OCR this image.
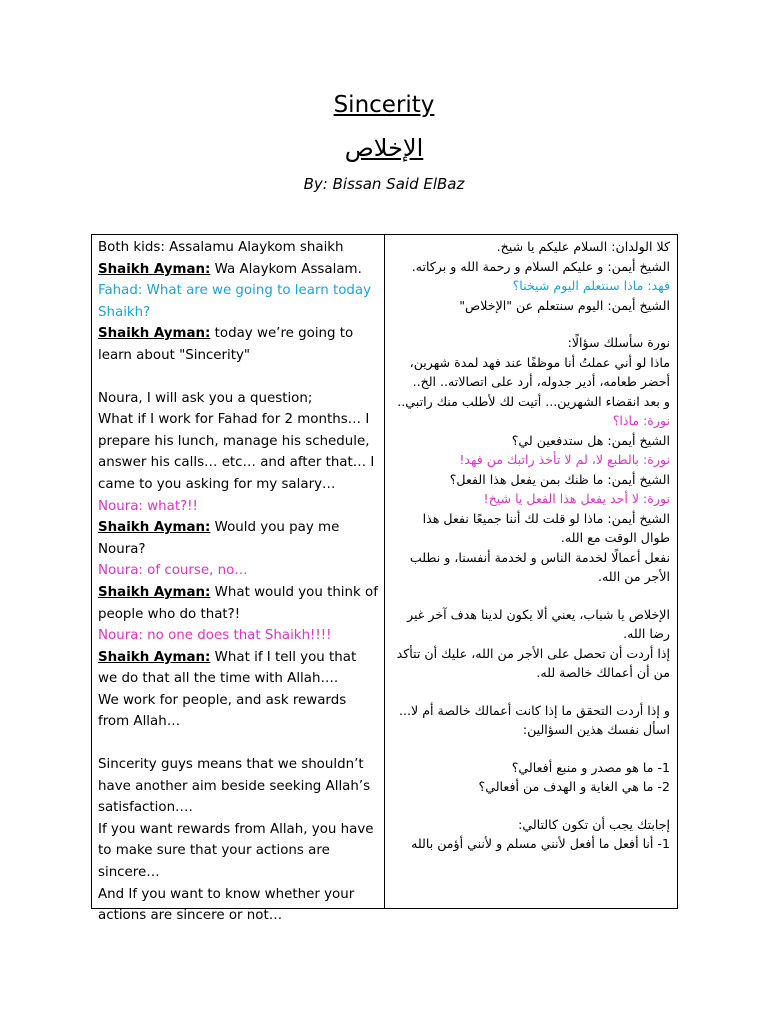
Sincerity
الإخلاص
By: Bissan Said ElBaz
Both kids: Assalamu Alaykom shaikh
Shaikh Ayman: Wa Alaykom Assalam.
Fahad: What are we going to learn today Shaikh?
Shaikh Ayman: today we’re going to learn about "Sincerity"
Noura, I will ask you a question;
What if I work for Fahad for 2 months… I prepare his lunch, manage his schedule, answer his calls… etc… and after that… I came to you asking for my salary…
Noura: what?!!
Shaikh Ayman: Would you pay me Noura?
Noura: of course, no…
Shaikh Ayman: What would you think of people who do that?!
Noura: no one does that Shaikh!!!!
Shaikh Ayman: What if I tell you that we do that all the time with Allah….
We work for people, and ask rewards from Allah…
Sincerity guys means that we shouldn’t have another aim beside seeking Allah’s satisfaction….
If you want rewards from Allah, you have to make sure that your actions are sincere…
And If you want to know whether your actions are sincere or not…
كلا الولدان: السلام عليكم يا شيخ.
الشيخ أيمن: و عليكم السلام و رحمة الله و بركاته.
فهد: ماذا سنتعلم اليوم شيخنا؟
الشيخ أيمن: اليوم سنتعلم عن "الإخلاص"
نورة سأسلك سؤالًا:
ماذا لو أني عملتُ أنا موظفًا عند فهد لمدة شهرين، أحضر طعامه، أدير جدوله، أرد على اتصالاته.. الخ..
و بعد انقضاء الشهرين... أتيت لك لأطلب منك راتبي..
نورة: ماذا؟
الشيخ أيمن: هل ستدفعين لي؟
نورة: بالطبع لا، لم لا تأخذ راتبك من فهد!
الشيخ أيمن: ما ظنك بمن يفعل هذا الفعل؟
نورة: لا أحد يفعل هذا الفعل يا شيخ!
الشيخ أيمن: ماذا لو قلت لك أننا جميعًا نفعل هذا طوال الوقت مع الله.
نفعل أعمالًا لخدمة الناس و لخدمة أنفسنا، و نطلب الأجر من الله.
الإخلاص يا شباب، يعني ألا يكون لدينا هدف آخر غير رضا الله.
إذا أردت أن تحصل على الأجر من الله، عليك أن تتأكد من أن أعمالك خالصة لله.
و إذا أردت التحقق ما إذا كانت أعمالك خالصة أم لا... اسأل نفسك هذين السؤالين:
1- ما هو مصدر و منبع أفعالي؟
2- ما هي الغاية و الهدف من أفعالي؟
إجابتك يجب أن تكون كالتالي:
1- أنا أفعل ما أفعل لأنني مسلم و لأنني أؤمن بالله
